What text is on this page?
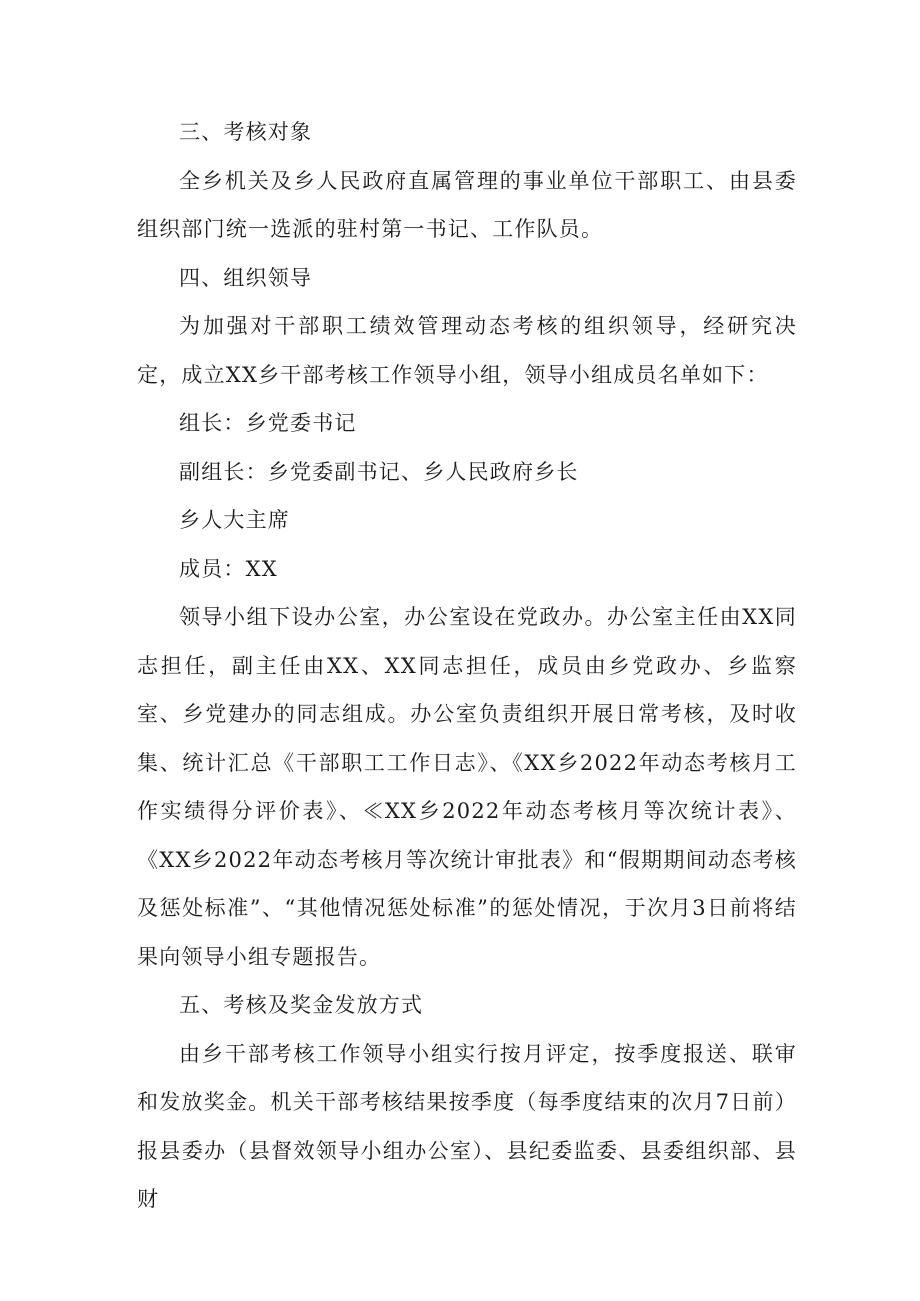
三、考核对象

全乡机关及乡人民政府直属管理的事业单位干部职工、由县委组织部门统一选派的驻村第一书记、工作队员。

四、组织领导

为加强对干部职工绩效管理动态考核的组织领导，经研究决定，成立XX乡干部考核工作领导小组，领导小组成员名单如下：

组长：乡党委书记

副组长：乡党委副书记、乡人民政府乡长

乡人大主席

成员：XX

领导小组下设办公室，办公室设在党政办。办公室主任由XX同志担任，副主任由XX、XX同志担任，成员由乡党政办、乡监察室、乡党建办的同志组成。办公室负责组织开展日常考核，及时收集、统计汇总《干部职工工作日志》、《XX乡2022年动态考核月工作实绩得分评价表》、≪XX乡2022年动态考核月等次统计表》、《XX乡2022年动态考核月等次统计审批表》和“假期期间动态考核及惩处标准”、“其他情况惩处标准”的惩处情况，于次月3日前将结果向领导小组专题报告。

五、考核及奖金发放方式

由乡干部考核工作领导小组实行按月评定，按季度报送、联审和发放奖金。机关干部考核结果按季度（每季度结束的次月7日前）报县委办（县督效领导小组办公室）、县纪委监委、县委组织部、县财
